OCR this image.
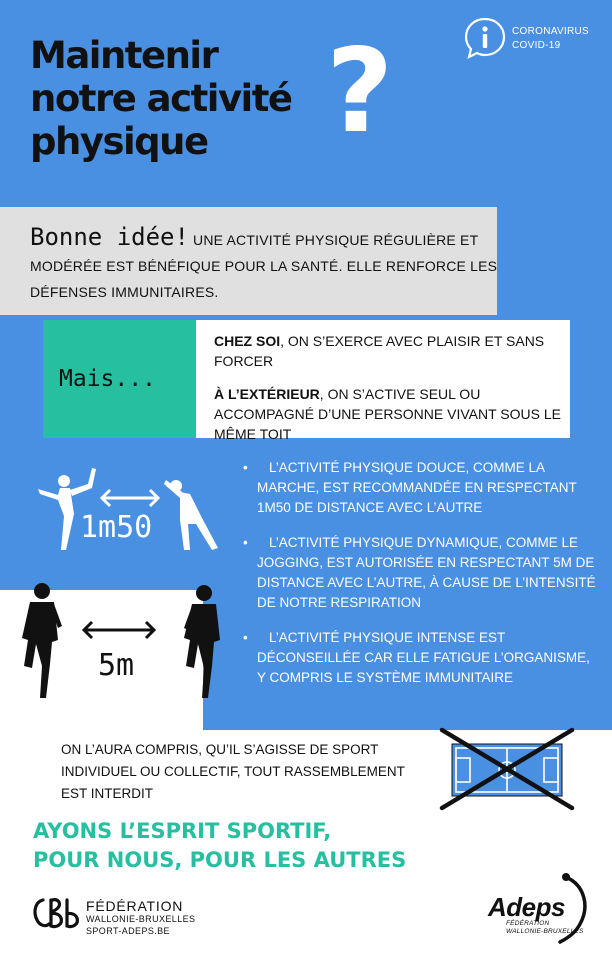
Maintenir
notre activité
physique	?	CORONAVIRUS
COVID-19

Bonne idée! UNE ACTIVITÉ PHYSIQUE RÉGULIÈRE ET MODÉRÉE EST BÉNÉFIQUE POUR LA SANTÉ. ELLE RENFORCE LES DÉFENSES IMMUNITAIRES.

Mais...

CHEZ SOI, ON S’EXERCE AVEC PLAISIR ET SANS FORCER

À L’EXTÉRIEUR, ON S’ACTIVE SEUL OU ACCOMPAGNÉ D’UNE PERSONNE VIVANT SOUS LE MÊME TOIT

1m50
5m
•	L’ACTIVITÉ PHYSIQUE DOUCE, COMME LA MARCHE, EST RECOMMANDÉE EN RESPECTANT 1M50 DE DISTANCE AVEC L’AUTRE
•	L’ACTIVITÉ PHYSIQUE DYNAMIQUE, COMME LE JOGGING, EST AUTORISÉE EN RESPECTANT 5M DE DISTANCE AVEC L’AUTRE, À CAUSE DE L’INTENSITÉ DE NOTRE RESPIRATION
•	L’ACTIVITÉ PHYSIQUE INTENSE EST DÉCONSEILLÉE CAR ELLE FATIGUE L’ORGANISME, Y COMPRIS LE SYSTÈME IMMUNITAIRE

ON L’AURA COMPRIS, QU’IL S’AGISSE DE SPORT INDIVIDUEL OU COLLECTIF, TOUT RASSEMBLEMENT EST INTERDIT

AYONS L’ESPRIT SPORTIF,
POUR NOUS, POUR LES AUTRES
FÉDÉRATION
WALLONIE-BRUXELLES
SPORT-ADEPS.BE
Adeps
FÉDÉRATION
WALLONIE-BRUXELLES
